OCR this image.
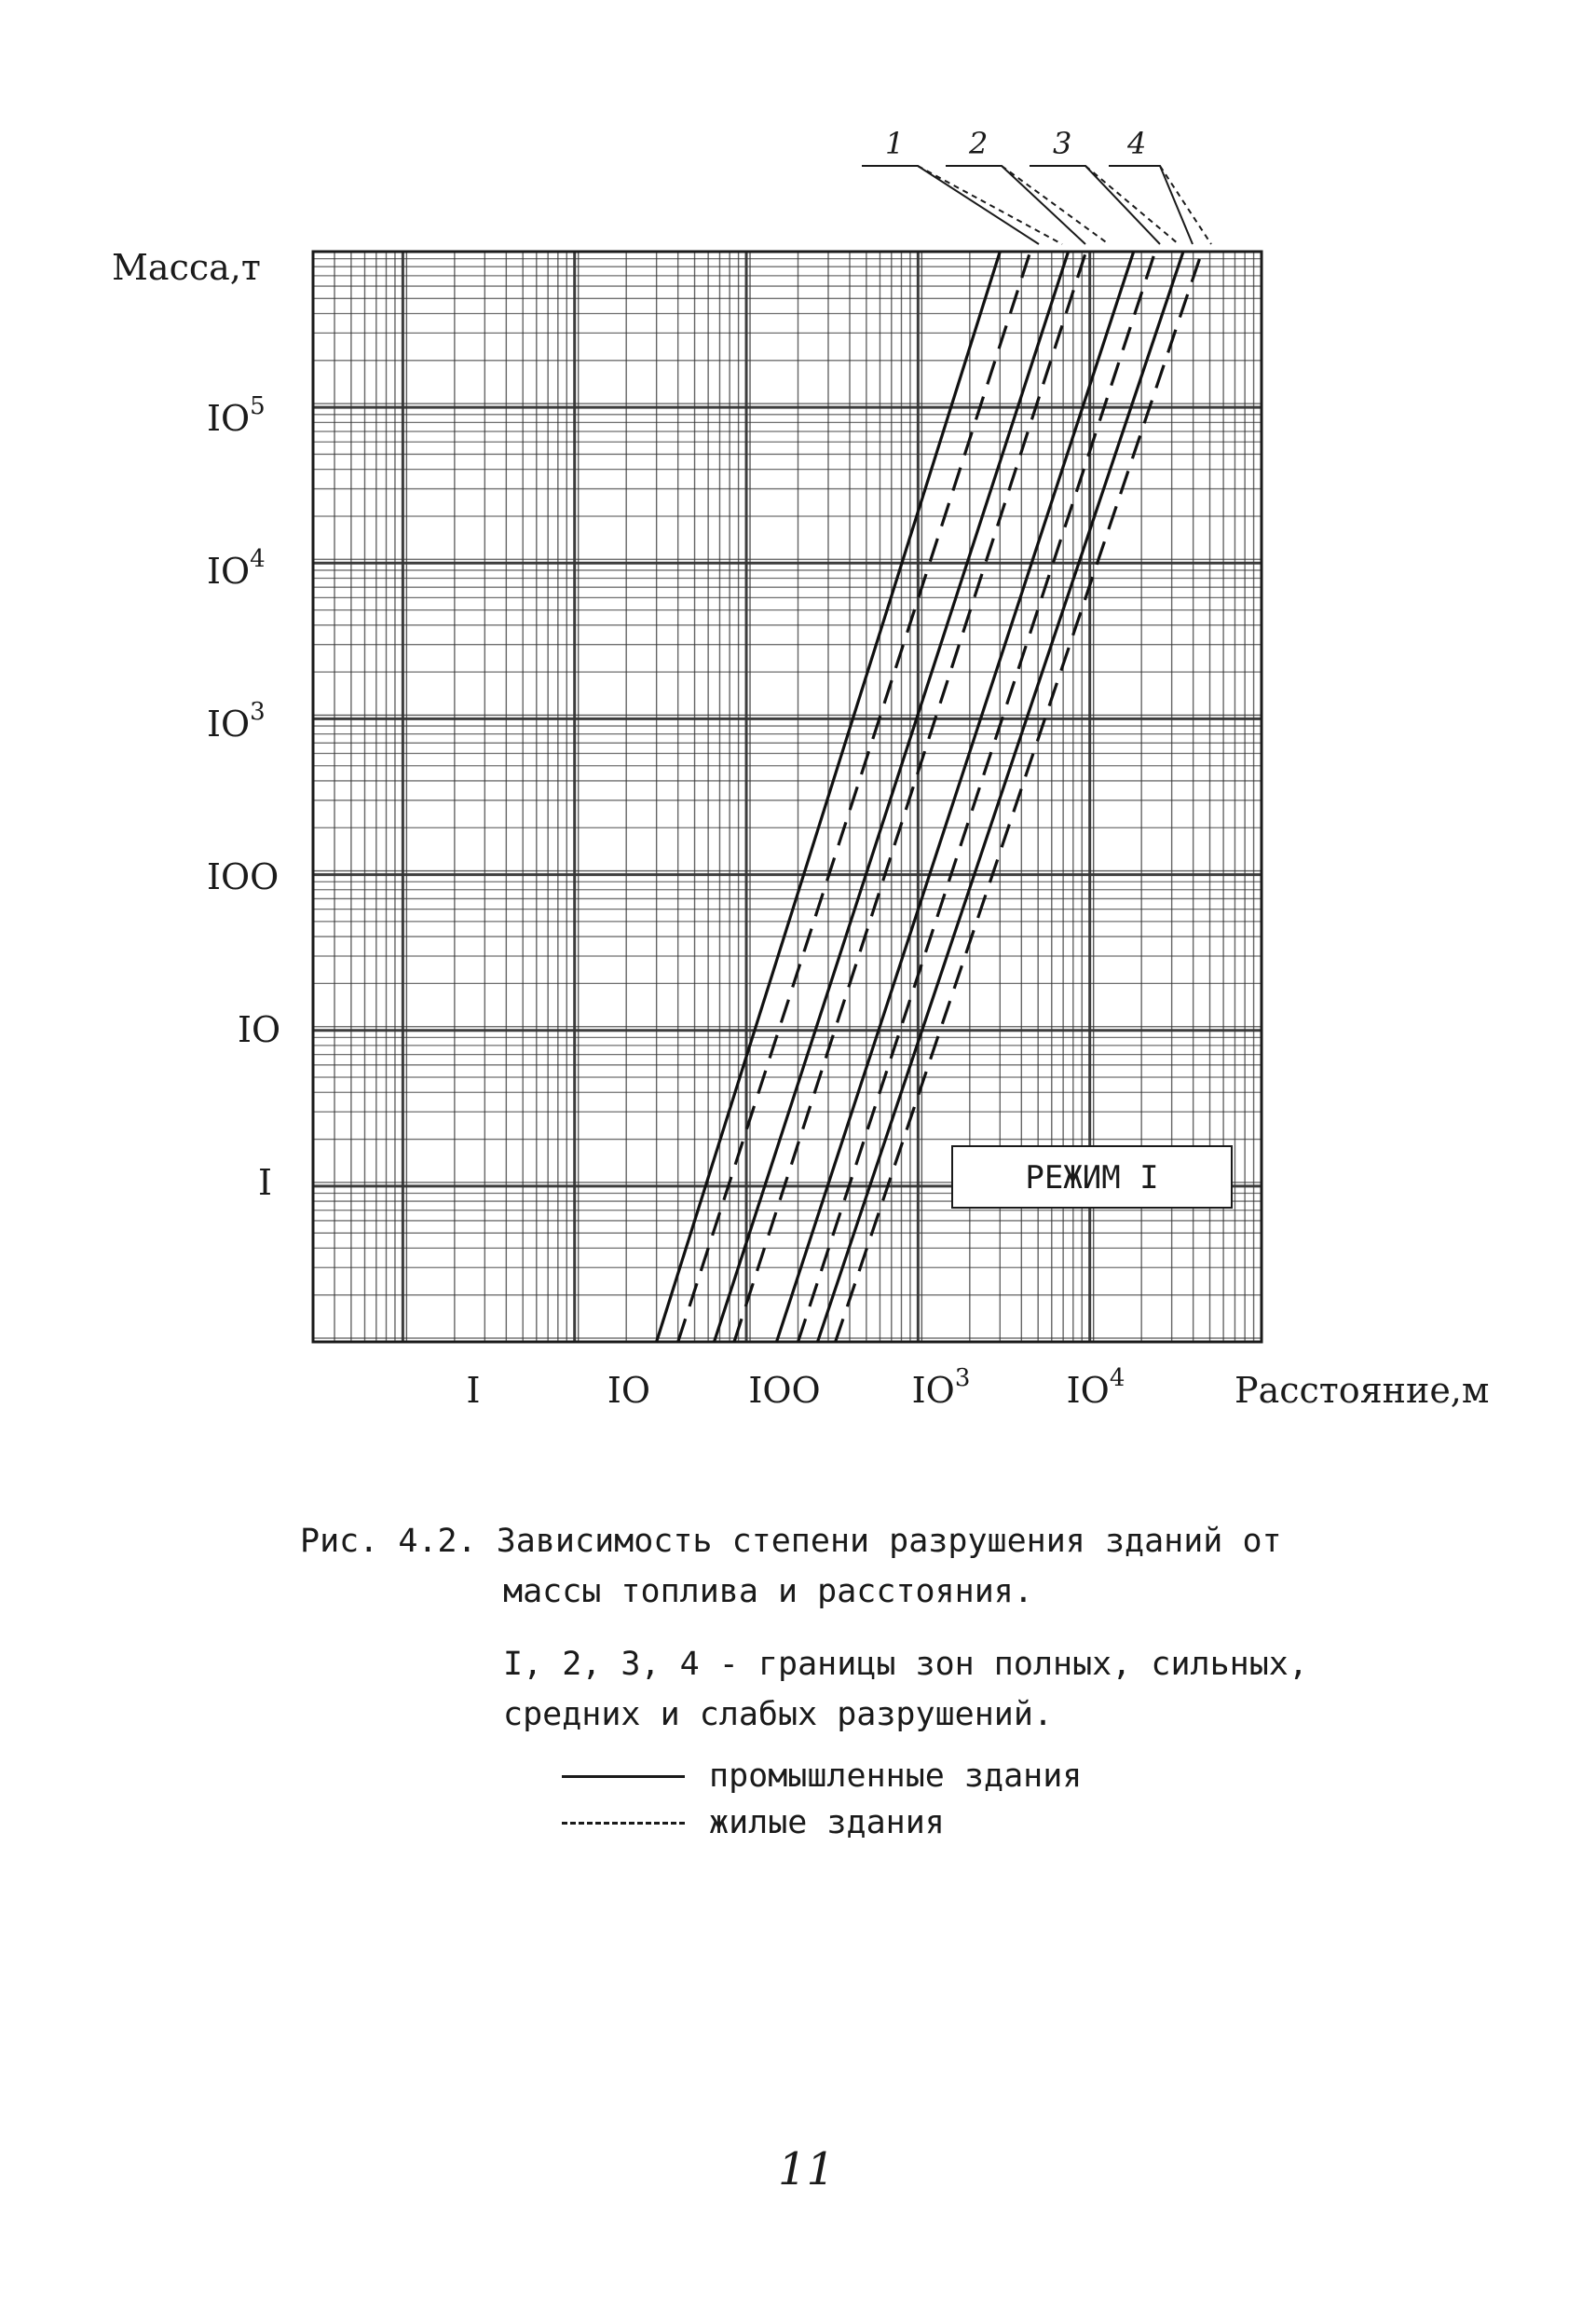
РЕЖИМ I
$IO^5$
$IO^4$
$IO^3$
IOO
IO
I
Масса,т
I	IO	IOO	$IO^3$	$IO^4$	Расстояние,м
1 2 3 4
Рис. 4.2. Зависимость степени разрушения зданий от
массы топлива и расстояния.
I, 2, 3, 4 - границы зон полных, сильных,
средних и слабых разрушений.
промышленные здания
жилые здания
11
